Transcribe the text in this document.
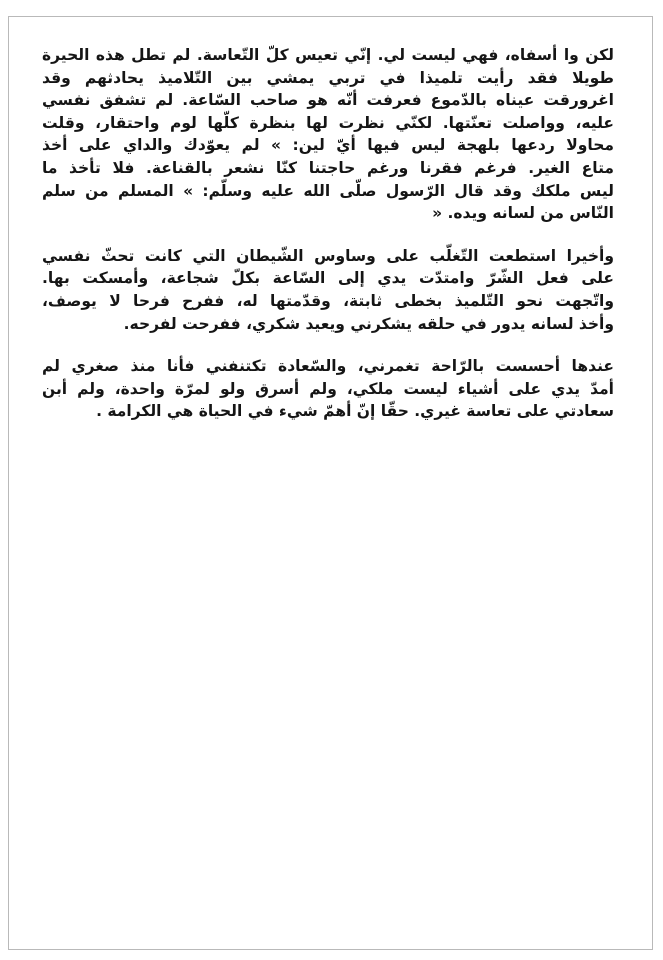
لكن وا أسفاه، فهي ليست لي. إنّي تعيس كلّ التّعاسة. لم تطل هذه الحيرة
طويلا فقد رأيت تلميذا في تربي يمشي بين التّلاميذ يحادثهم وقد
اغرورقت عيناه بالدّموع فعرفت أنّه هو صاحب السّاعة. لم تشفق نفسي
عليه، وواصلت تعنّتها. لكنّي نظرت لها بنظرة كلّها لوم واحتقار، وقلت
محاولا ردعها بلهجة ليس فيها أيّ لين: » لم يعوّدك والداي على أخذ
متاع الغير. فرغم فقرنا ورغم حاجتنا كنّا نشعر بالقناعة. فلا تأخذ ما
ليس ملكك وقد قال الرّسول صلّى الله عليه وسلّم: » المسلم من سلم
النّاس من لسانه ويده. «
وأخيرا استطعت التّغلّب على وساوس الشّيطان التي كانت تحثّ نفسي
على فعل الشّرّ وامتدّت يدي إلى السّاعة بكلّ شجاعة، وأمسكت بها.
واتّجهت نحو التّلميذ بخطى ثابتة، وقدّمتها له، ففرح فرحا لا يوصف،
وأخذ لسانه يدور في حلقه يشكرني ويعيد شكري، ففرحت لفرحه.
عندها أحسست بالرّاحة تغمرني، والسّعادة تكتنفني فأنا منذ صغري لم
أمدّ يدي على أشياء ليست ملكي، ولم أسرق ولو لمرّة واحدة، ولم أبن
سعادتي على تعاسة غيري. حقّا إنّ أهمّ شيء في الحياة هي الكرامة .
